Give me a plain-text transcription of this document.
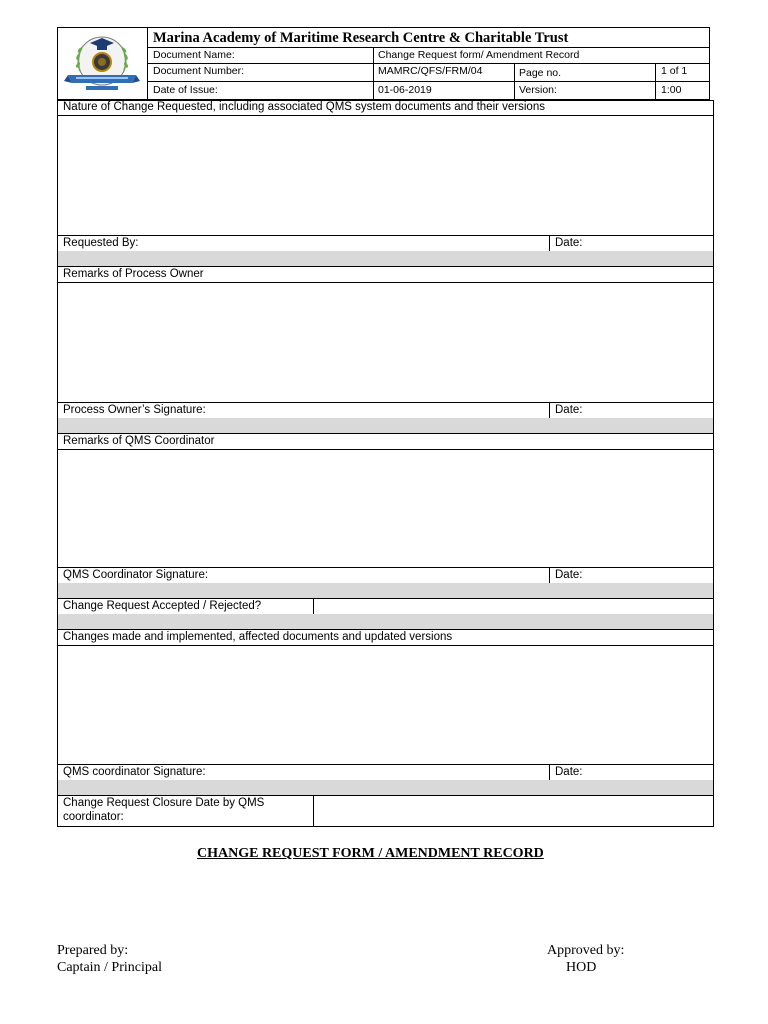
Marina Academy of Maritime Research Centre & Charitable Trust
Document Name:	Change Request form/ Amendment Record
Document Number:	MAMRC/QFS/FRM/04	Page no.	1 of 1
Date of Issue:	01-06-2019	Version:	1:00
Nature of Change Requested, including associated QMS system documents and their versions
Requested By:	Date:
Remarks of Process Owner
Process Owner’s Signature:	Date:
Remarks of QMS Coordinator
QMS Coordinator Signature:	Date:
Change Request Accepted / Rejected?
Changes made and implemented, affected documents and updated versions
QMS coordinator Signature:	Date:
Change Request Closure Date by QMS
coordinator:
CHANGE REQUEST FORM / AMENDMENT RECORD
Prepared by:
Captain / Principal
Approved by:
HOD
